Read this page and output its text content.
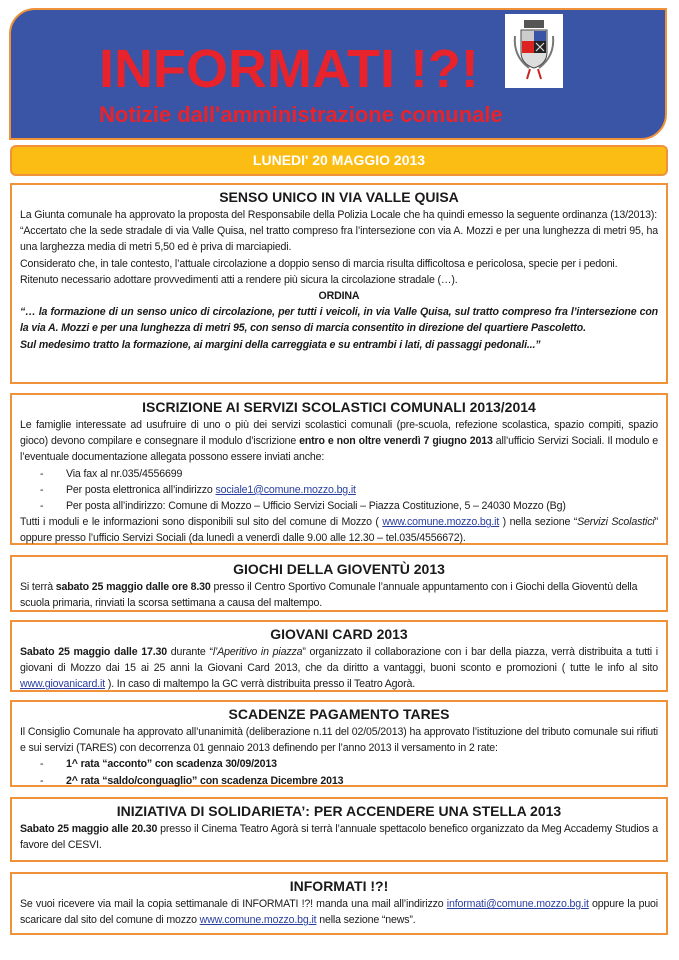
INFORMATI !?!
Notizie dall'amministrazione comunale
LUNEDI' 20 MAGGIO 2013
SENSO UNICO IN VIA VALLE QUISA
La Giunta comunale ha approvato la proposta del Responsabile della Polizia Locale che ha quindi emesso la seguente ordinanza (13/2013):
“Accertato che la sede stradale di via Valle Quisa, nel tratto compreso fra l’intersezione con via A. Mozzi e per una lunghezza di metri 95, ha una larghezza media di metri 5,50 ed è priva di marciapiedi.
Considerato che, in tale contesto, l’attuale circolazione a doppio senso di marcia risulta difficoltosa e pericolosa, specie per i pedoni.
Ritenuto necessario adottare provvedimenti atti a rendere più sicura la circolazione stradale (…).
ORDINA
“… la formazione di un senso unico di circolazione, per tutti i veicoli, in via Valle Quisa, sul tratto compreso fra l’intersezione con la via A. Mozzi e per una lunghezza di metri 95, con senso di marcia consentito in direzione del quartiere Pascoletto.
Sul medesimo tratto la formazione, ai margini della carreggiata e su entrambi i lati, di passaggi pedonali...”
ISCRIZIONE AI SERVIZI SCOLASTICI COMUNALI 2013/2014
Le famiglie interessate ad usufruire di uno o più dei servizi scolastici comunali (pre-scuola, refezione scolastica, spazio compiti, spazio gioco) devono compilare e consegnare il modulo d’iscrizione entro e non oltre venerdì 7 giugno 2013 all’ufficio Servizi Sociali. Il modulo e l’eventuale documentazione allegata possono essere inviati anche:
- Via fax al nr.035/4556699
- Per posta elettronica all’indirizzo sociale1@comune.mozzo.bg.it
- Per posta all’indirizzo: Comune di Mozzo – Ufficio Servizi Sociali – Piazza Costituzione, 5 – 24030 Mozzo (Bg)
Tutti i moduli e le informazioni sono disponibili sul sito del comune di Mozzo ( www.comune.mozzo.bg.it ) nella sezione “Servizi Scolastici” oppure presso l’ufficio Servizi Sociali (da lunedì a venerdì dalle 9.00 alle 12.30 – tel.035/4556672).
GIOCHI DELLA GIOVENTÙ 2013
Si terrà sabato 25 maggio dalle ore 8.30 presso il Centro Sportivo Comunale l’annuale appuntamento con i Giochi della Gioventù della scuola primaria, rinviati la scorsa settimana a causa del maltempo.
GIOVANI CARD 2013
Sabato 25 maggio dalle 17.30 durante “l’Aperitivo in piazza” organizzato il collaborazione con i bar della piazza, verrà distribuita a tutti i giovani di Mozzo dai 15 ai 25 anni la Giovani Card 2013, che da diritto a vantaggi, buoni sconto e promozioni ( tutte le info al sito www.giovanicard.it ). In caso di maltempo la GC verrà distribuita presso il Teatro Agorà.
SCADENZE PAGAMENTO TARES
Il Consiglio Comunale ha approvato all’unanimità (deliberazione n.11 del 02/05/2013) ha approvato l’istituzione del tributo comunale sui rifiuti e sui servizi (TARES) con decorrenza 01 gennaio 2013 definendo per l’anno 2013 il versamento in 2 rate:
- 1^ rata “acconto” con scadenza 30/09/2013
- 2^ rata “saldo/conguaglio” con scadenza Dicembre 2013
INIZIATIVA DI SOLIDARIETA’: PER ACCENDERE UNA STELLA 2013
Sabato 25 maggio alle 20.30 presso il Cinema Teatro Agorà si terrà l’annuale spettacolo benefico organizzato da Meg Accademy Studios a favore del CESVI.
INFORMATI !?!
Se vuoi ricevere via mail la copia settimanale di INFORMATI !?! manda una mail all’indirizzo informati@comune.mozzo.bg.it oppure la puoi scaricare dal sito del comune di mozzo www.comune.mozzo.bg.it nella sezione “news”.
